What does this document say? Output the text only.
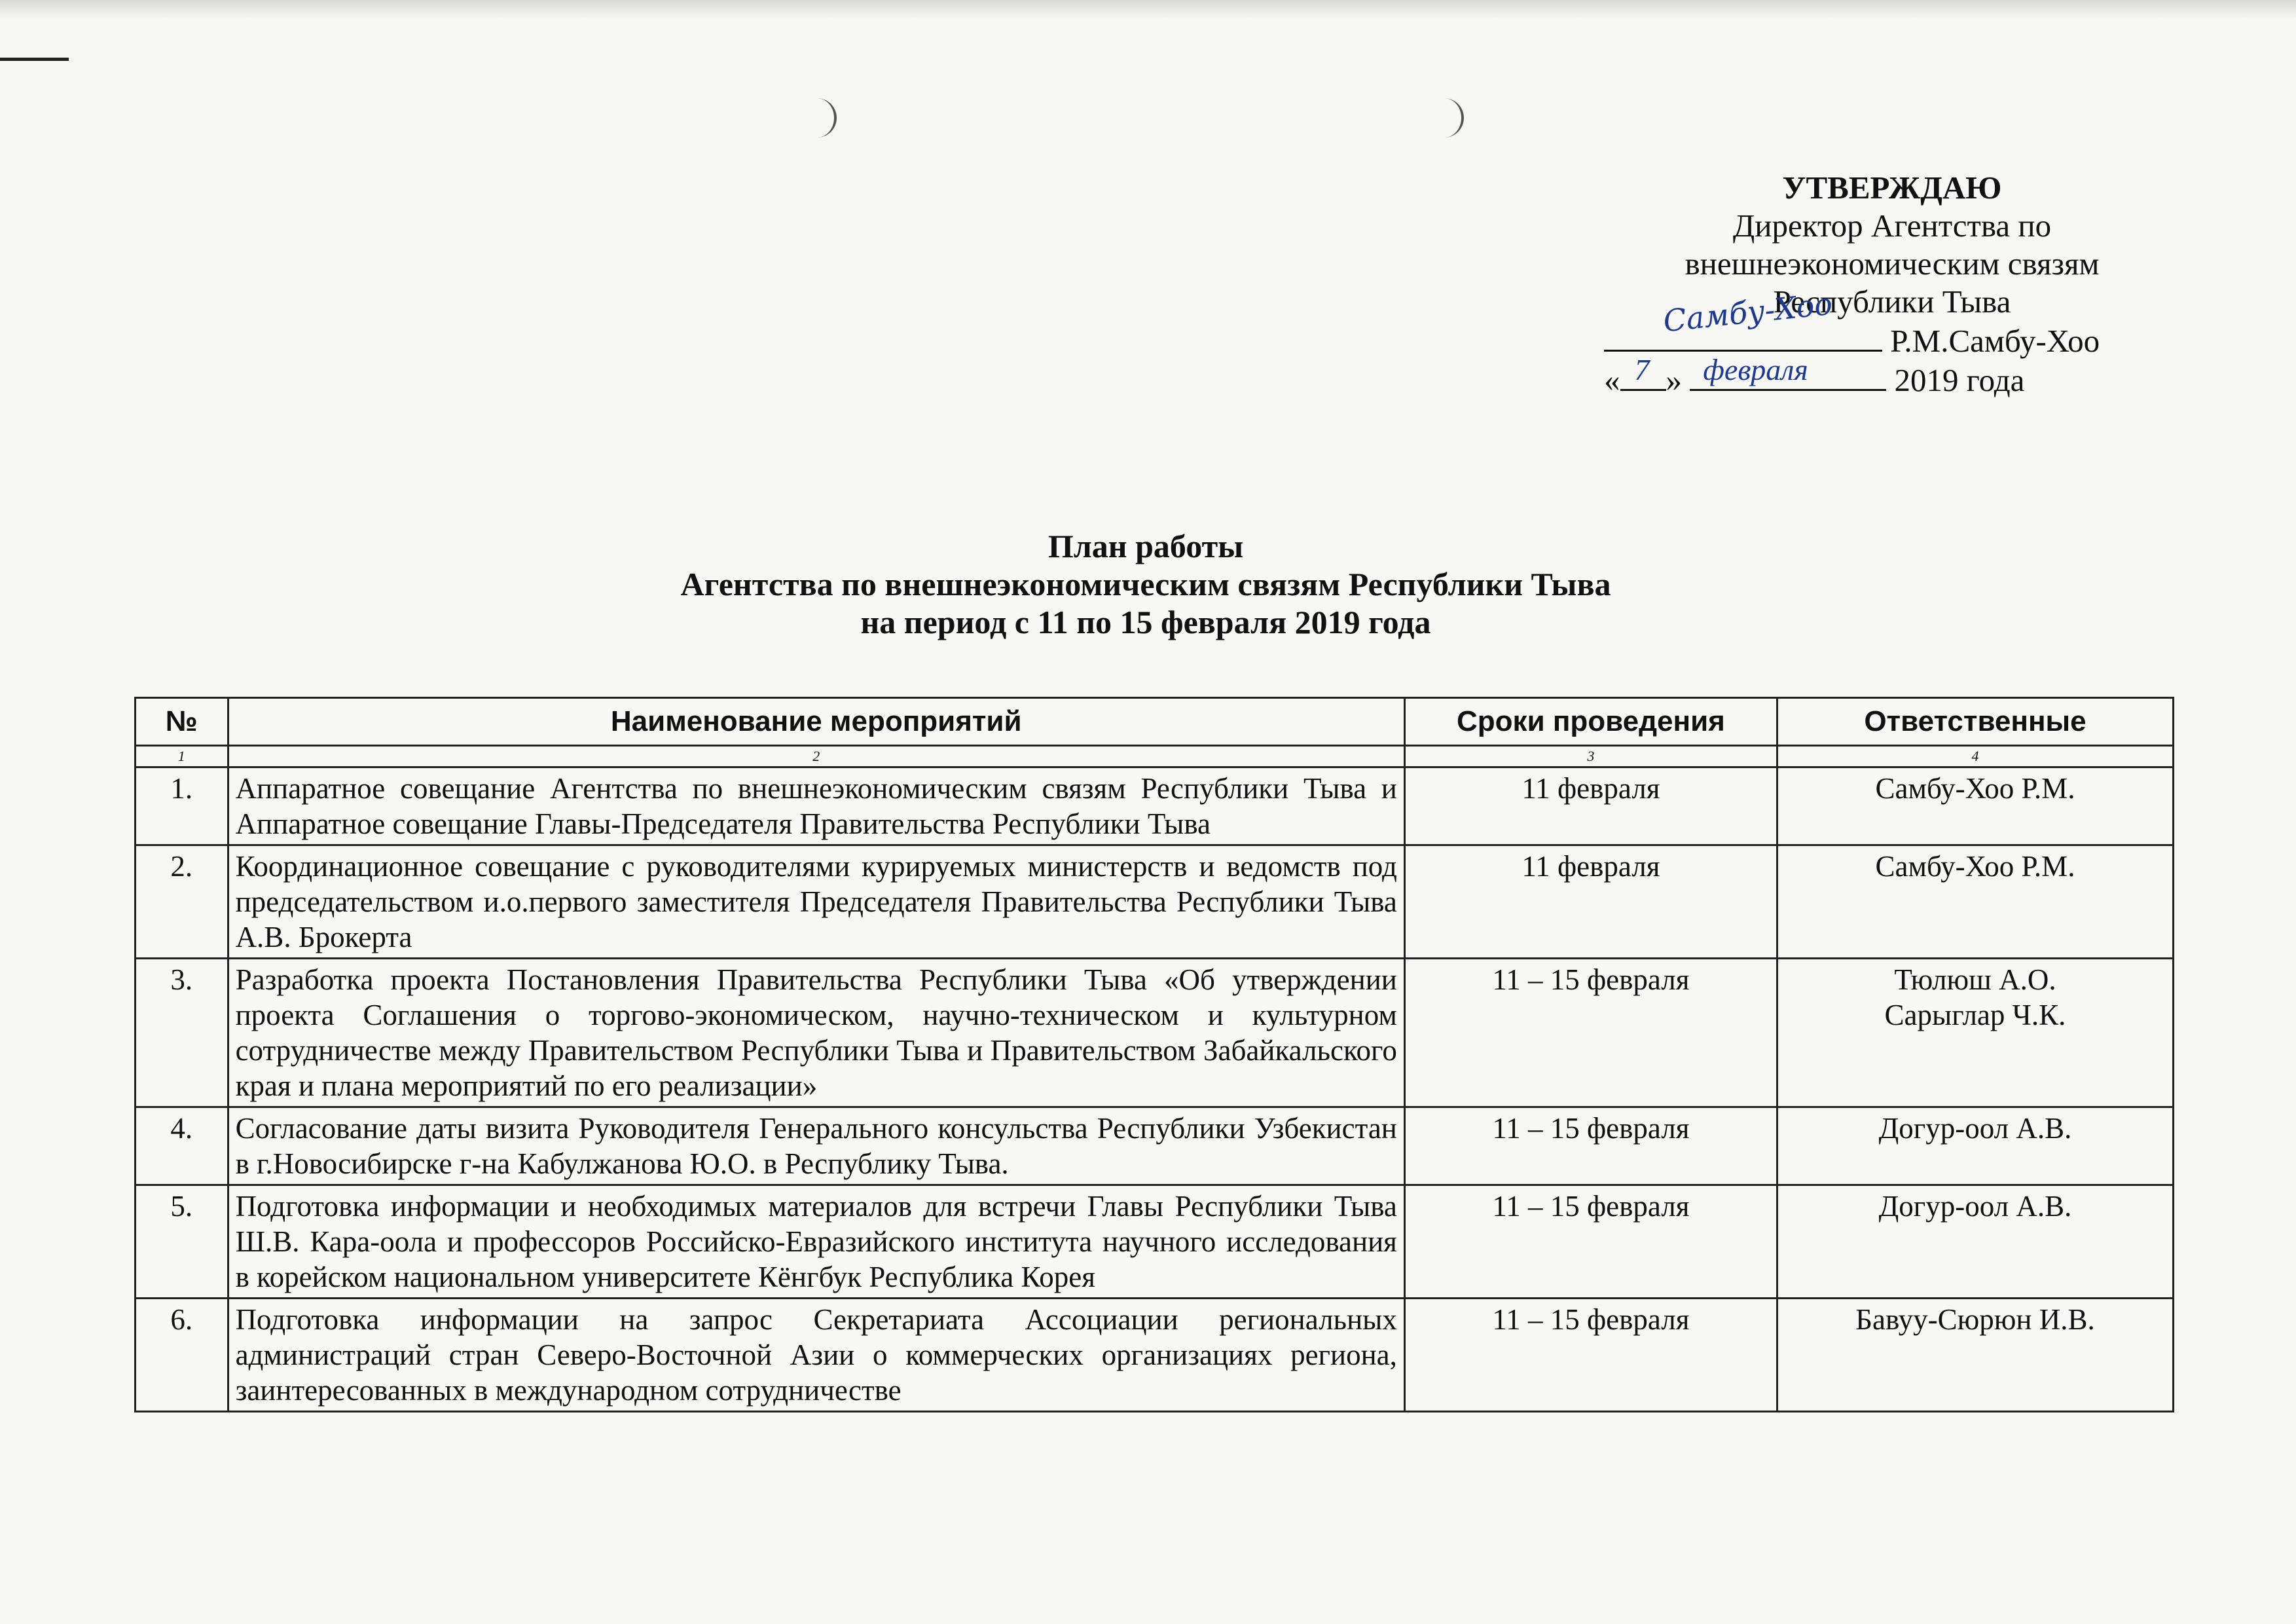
УТВЕРЖДАЮ
Директор Агентства по
внешнеэкономическим связям
Республики Тыва
Самбу-Хоо
Р.М.Самбу-Хоо
« 7 » февраля	2019 года
План работы
Агентства по внешнеэкономическим связям Республики Тыва
на период с 11 по 15 февраля 2019 года
№	Наименование мероприятий	Сроки проведения	Ответственные
1	2	3	4
1.	Аппаратное совещание Агентства по внешнеэкономическим связям Республики Тыва и Аппаратное совещание Главы-Председателя Правительства Республики Тыва	11 февраля	Самбу-Хоо Р.М.

2.	Координационное совещание с руководителями курируемых министерств и ведомств под председательством и.о.первого заместителя Председателя Правительства Республики Тыва А.В. Брокерта	11 февраля	Самбу-Хоо Р.М.

3.	Разработка проекта Постановления Правительства Республики Тыва «Об утверждении проекта Соглашения о торгово-экономическом, научно-техническом и культурном сотрудничестве между Правительством Республики Тыва и Правительством Забайкальского края и плана мероприятий по его реализации»	11 – 15 февраля	Тюлюш А.О.
Сарыглар Ч.К.

4.	Согласование даты визита Руководителя Генерального консульства Республики Узбекистан в г.Новосибирске г-на Кабулжанова Ю.О. в Республику Тыва.	11 – 15 февраля	Догур-оол А.В.

5.	Подготовка информации и необходимых материалов для встречи Главы Республики Тыва Ш.В. Кара-оола и профессоров Российско-Евразийского института научного исследования в корейском национальном университете Кёнгбук Республика Корея	11 – 15 февраля	Догур-оол А.В.

6.	Подготовка информации на запрос Секретариата Ассоциации региональных администраций стран Северо-Восточной Азии о коммерческих организациях региона, заинтересованных в международном сотрудничестве	11 – 15 февраля	Бавуу-Сюрюн И.В.
